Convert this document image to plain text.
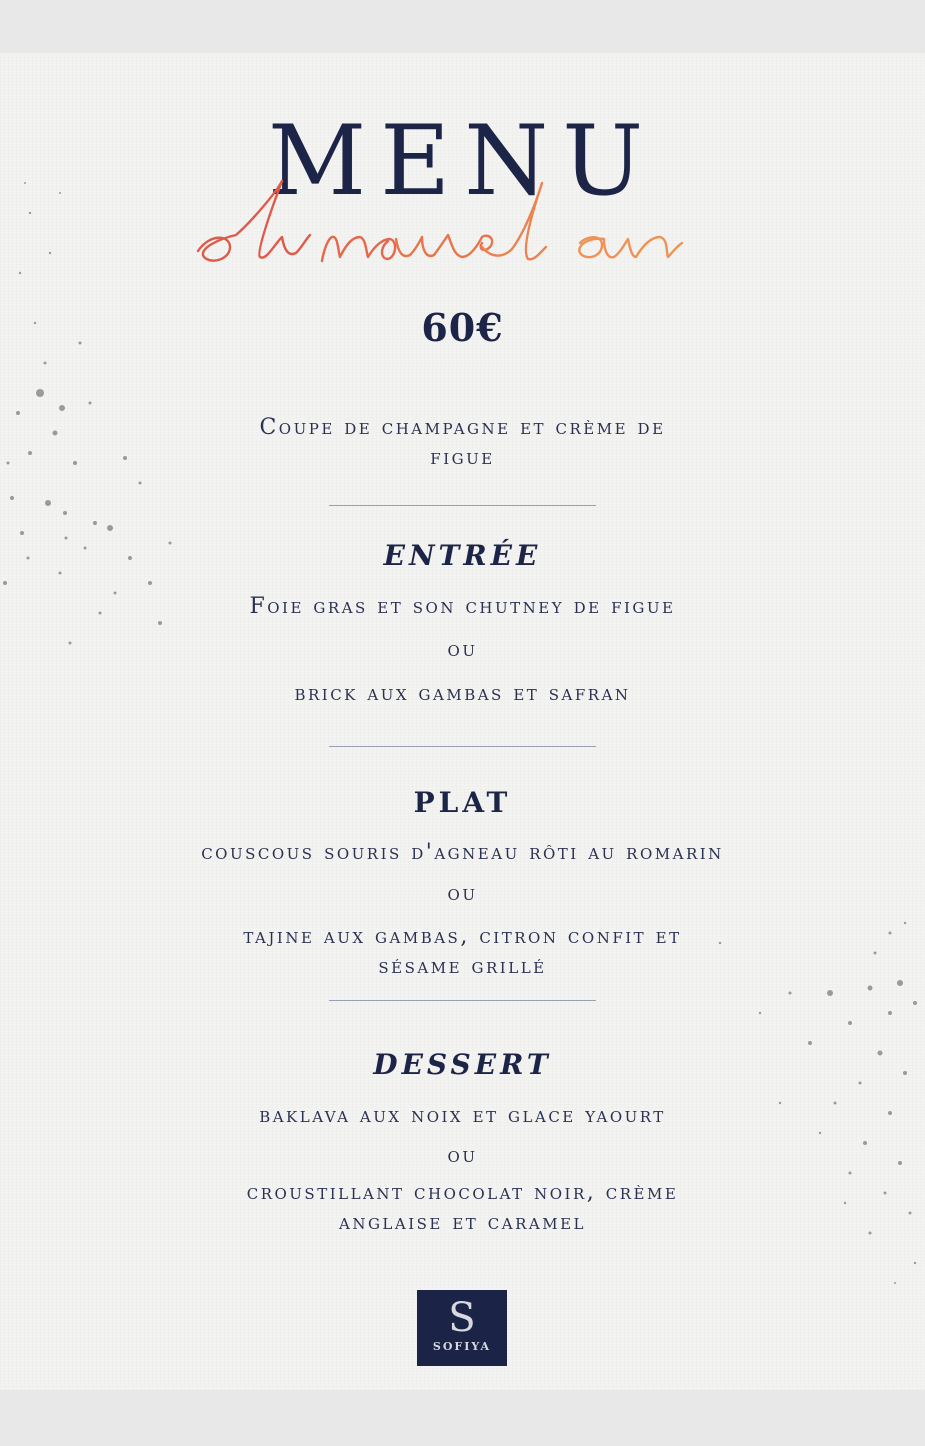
MENU
60€
Coupe de champagne et crème de
figue
ENTRÉE
Foie gras et son chutney de figue
ou
brick aux gambas et safran
PLAT
couscous souris d'agneau rôti au romarin
ou
tajine aux gambas, citron confit et
sésame grillé
DESSERT
baklava aux noix et glace yaourt
ou
croustillant chocolat noir, crème
anglaise et caramel
S
SOFIYA
